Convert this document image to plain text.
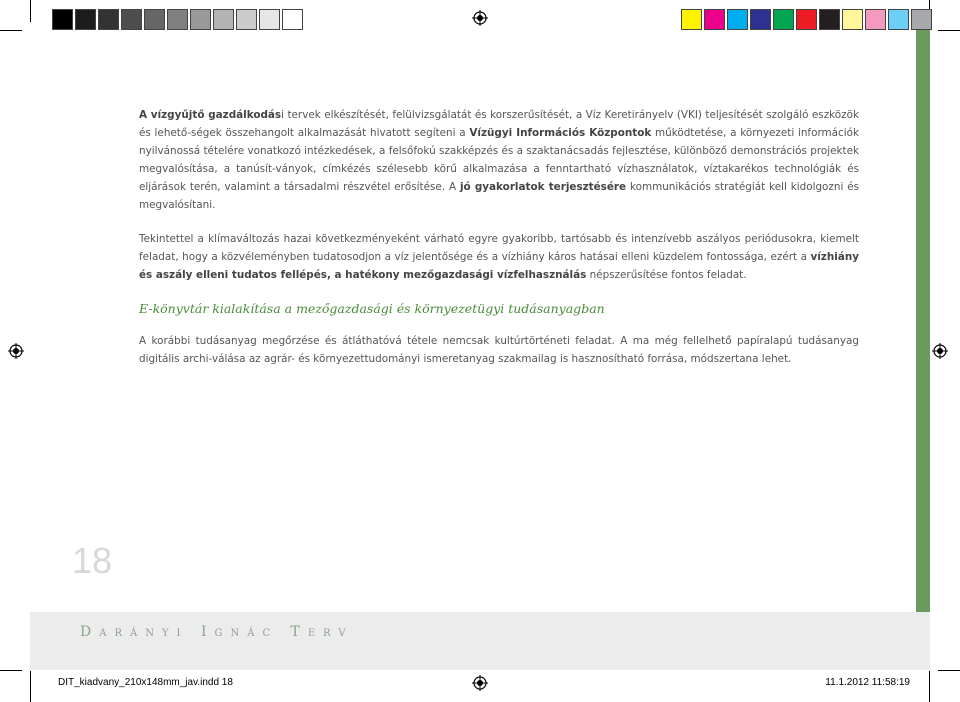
A vízgyűjtő gazdálkodási tervek elkészítését, felülvizsgálatát és korszerűsítését, a Víz Keretirányelv (VKI) teljesítését szolgáló eszközök és lehető-ségek összehangolt alkalmazását hivatott segíteni a Vízügyi Információs Központok működtetése, a környezeti információk nyilvánossá tételére vonatkozó intézkedések, a felsőfokú szakképzés és a szaktanácsadás fejlesztése, különböző demonstrációs projektek megvalósítása, a tanúsít-ványok, címkézés szélesebb körű alkalmazása a fenntartható vízhasználatok, víztakarékos technológiák és eljárások terén, valamint a társadalmi részvétel erősítése. A jó gyakorlatok terjesztésére kommunikációs stratégiát kell kidolgozni és megvalósítani.

Tekintettel a klímaváltozás hazai következményeként várható egyre gyakoribb, tartósabb és intenzívebb aszályos periódusokra, kiemelt feladat, hogy a közvéleményben tudatosodjon a víz jelentősége és a vízhiány káros hatásai elleni küzdelem fontossága, ezért a vízhiány és aszály elleni tudatos fellépés, a hatékony mezőgazdasági vízfelhasználás népszerűsítése fontos feladat.

E-könyvtár kialakítása a mezőgazdasági és környezetügyi tudásanyagban

A korábbi tudásanyag megőrzése és átláthatóvá tétele nemcsak kultúrtörténeti feladat. A ma még fellelhető papíralapú tudásanyag digitális archi-válása az agrár- és környezettudományi ismeretanyag szakmailag is hasznosítható forrása, módszertana lehet.

18
Darányi Ignác Terv
DIT_kiadvany_210x148mm_jav.indd 18	11.1.2012 11:58:19
